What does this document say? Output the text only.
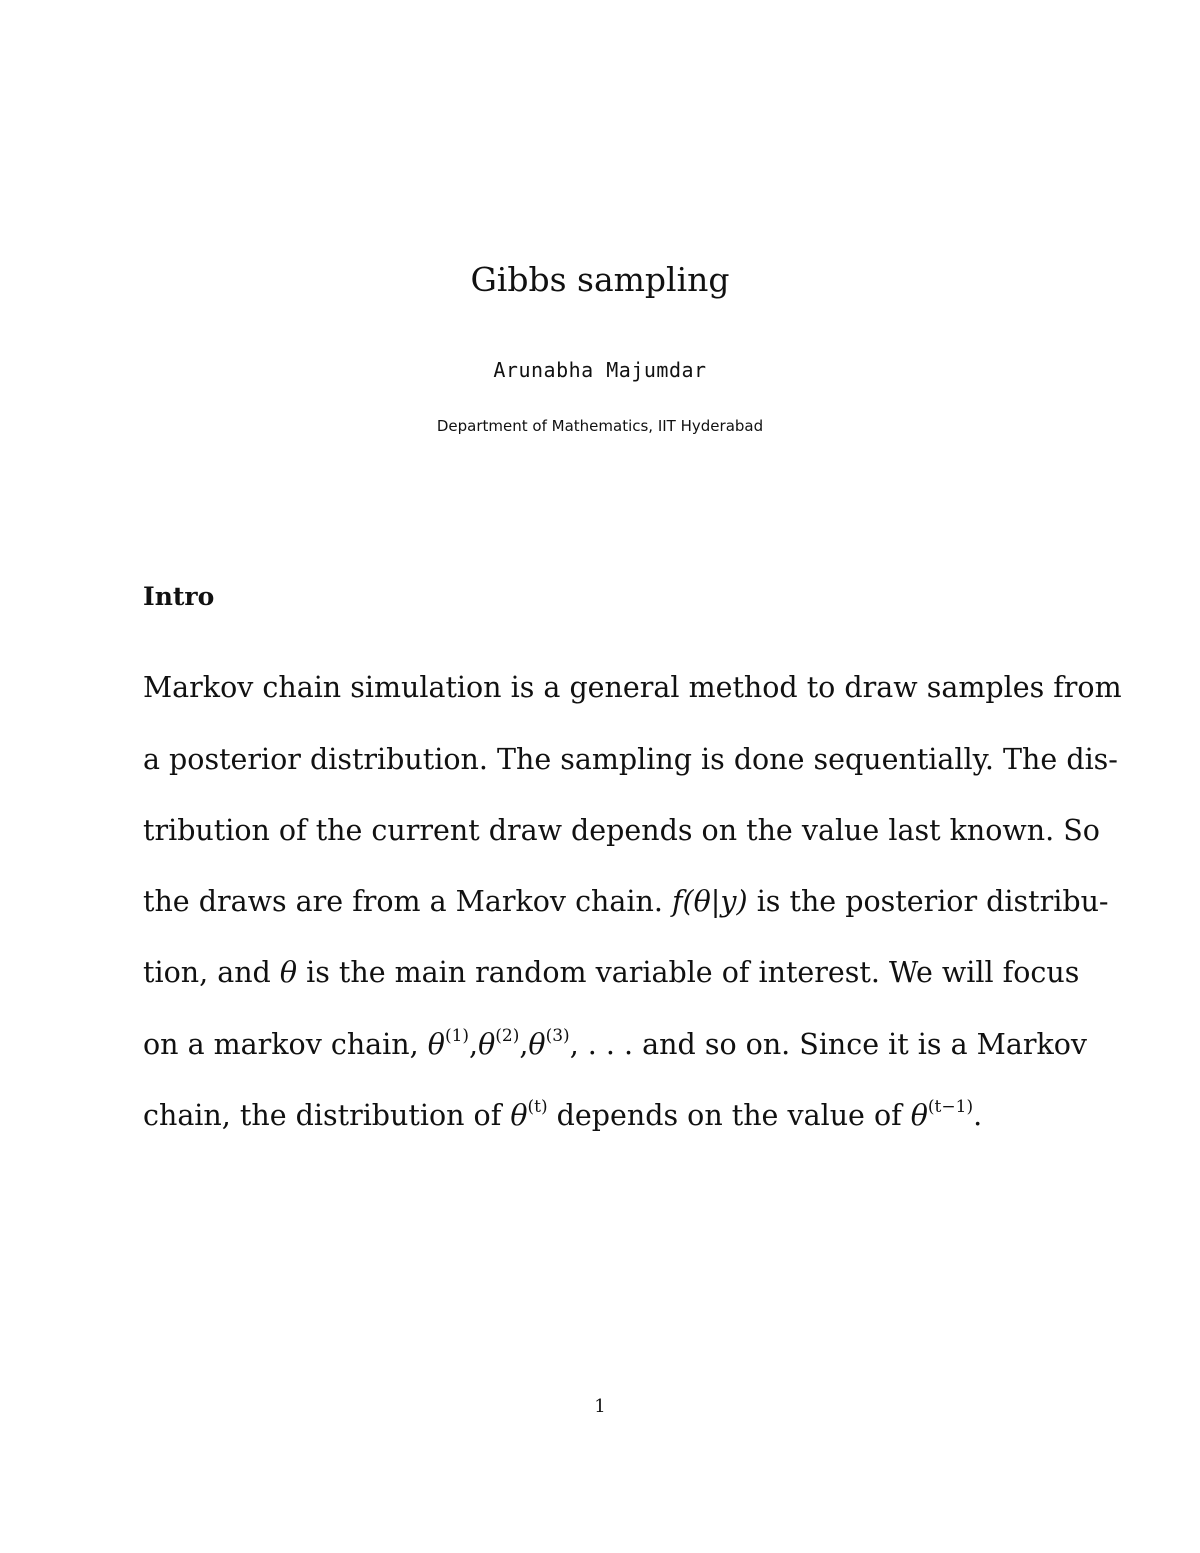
Gibbs sampling
Arunabha Majumdar
Department of Mathematics, IIT Hyderabad
Intro
Markov chain simulation is a general method to draw samples from
a posterior distribution. The sampling is done sequentially. The dis-
tribution of the current draw depends on the value last known. So
the draws are from a Markov chain. f(θ|y) is the posterior distribu-
tion, and θ is the main random variable of interest. We will focus
on a markov chain, $\theta^{(1)},\theta^{(2)},\theta^{(3)}$, . . . and so on. Since it is a Markov
chain, the distribution of $\theta^{(t)}$ depends on the value of $\theta^{(t-1)}$.
1
